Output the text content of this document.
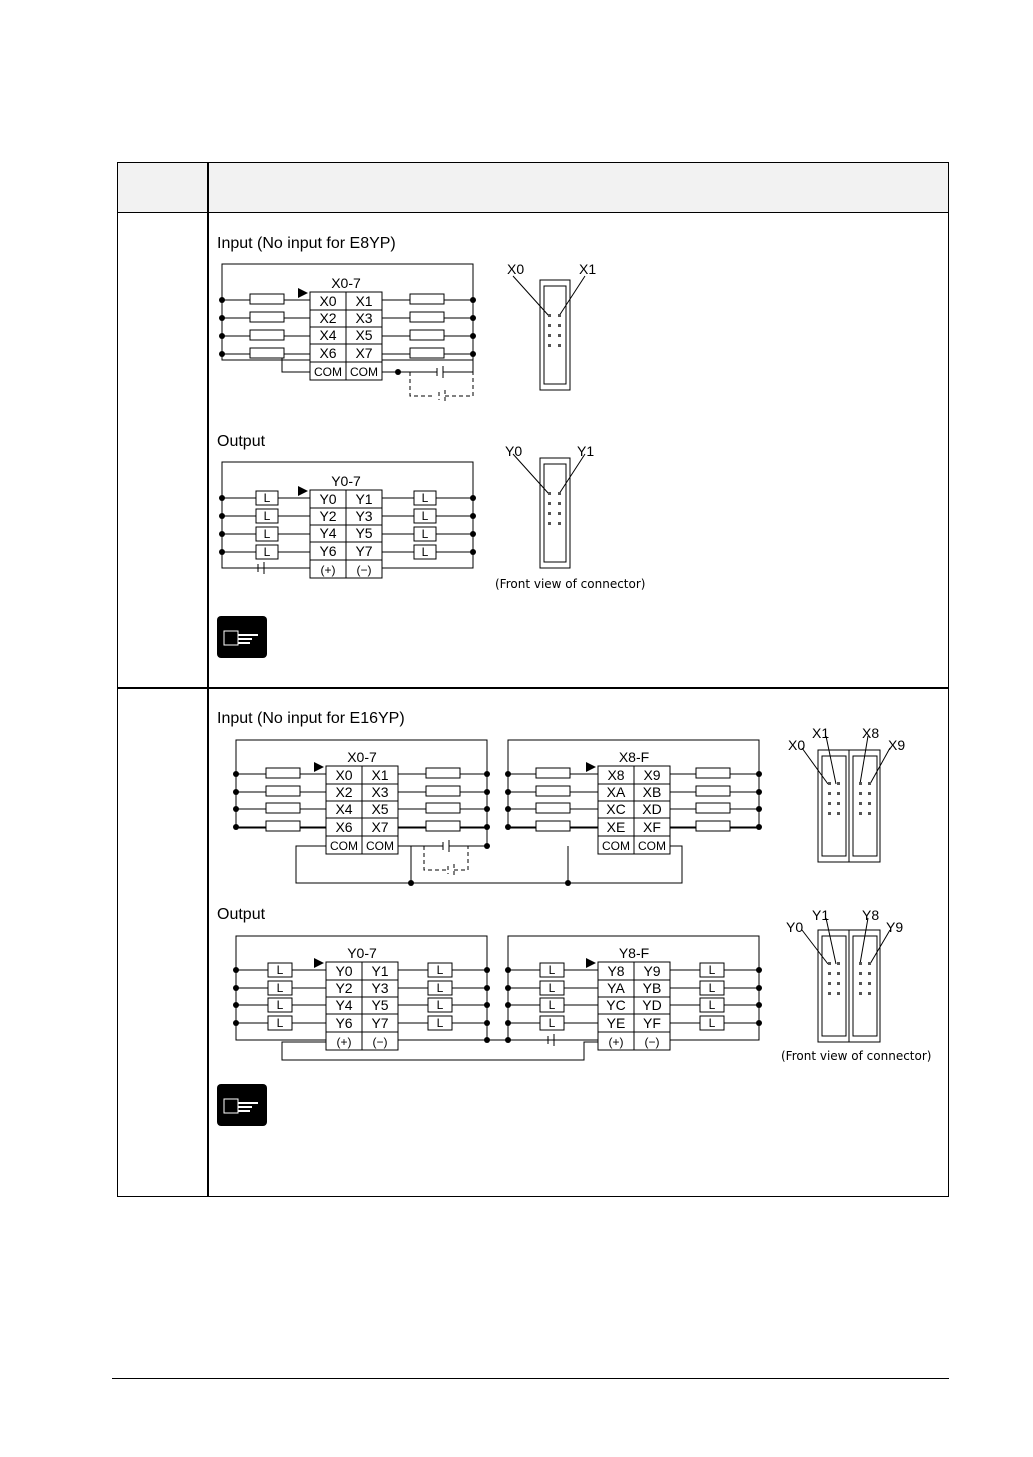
Input (No input for E8YP)
Output
X0-7
X0 X1
X2 X3
X4 X5
X6 X7
COM COM
X0	X1
L
L
L
L
L
L
L
L
Y0-7
Y0 Y1
Y2 Y3
Y4 Y5
Y6 Y7
(+) (−)
Y0	Y1
(Front view of connector)
Input (No input for E16YP)
Output
X0-7	X8-F
X0 X1
X2 X3
X4 X5
X6 X7
X8 X9
XA XB
XC XD
XE XF
COM COM	COM COM
X0
X1 X8
X9
L
L
L
L
L
L
L
L
L
L
L
L
L
L
L
L
Y0-7	Y8-F
Y0 Y1
Y2 Y3
Y4 Y5
Y6 Y7
Y8 Y9
YA YB
YC YD
YE YF
(+) (−)	(+) (−)
Y0
Y1 Y8
Y9
(Front view of connector)
